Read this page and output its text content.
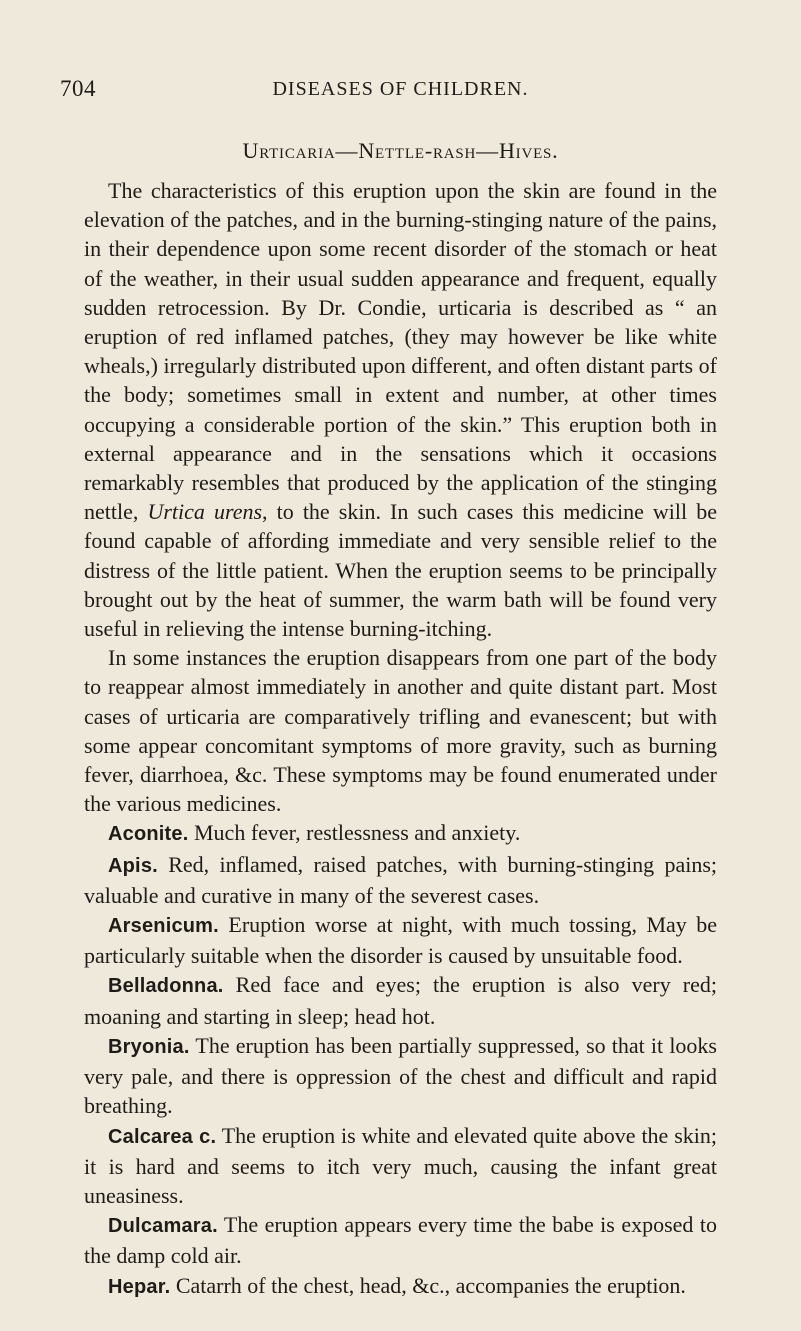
704	DISEASES OF CHILDREN.
Urticaria—Nettle-rash—Hives.

The characteristics of this eruption upon the skin are found in the elevation of the patches, and in the burning-stinging nature of the pains, in their dependence upon some recent disorder of the stomach or heat of the weather, in their usual sudden appearance and frequent, equally sudden retrocession. By Dr. Condie, urticaria is described as “ an eruption of red inflamed patches, (they may however be like white wheals,) irregularly distributed upon different, and often distant parts of the body; sometimes small in extent and number, at other times occupying a considerable portion of the skin.” This eruption both in external appearance and in the sensations which it occasions remarkably resembles that produced by the application of the stinging nettle, Urtica urens, to the skin. In such cases this medicine will be found capable of affording immediate and very sensible relief to the distress of the little patient. When the eruption seems to be principally brought out by the heat of summer, the warm bath will be found very useful in relieving the intense burning-itching.

In some instances the eruption disappears from one part of the body to reappear almost immediately in another and quite distant part. Most cases of urticaria are comparatively trifling and evanescent; but with some appear concomitant symptoms of more gravity, such as burning fever, diarrhoea, &c. These symptoms may be found enumerated under the various medicines.

Aconite. Much fever, restlessness and anxiety.

Apis. Red, inflamed, raised patches, with burning-stinging pains; valuable and curative in many of the severest cases.

Arsenicum. Eruption worse at night, with much tossing, May be particularly suitable when the disorder is caused by unsuitable food.

Belladonna. Red face and eyes; the eruption is also very red; moaning and starting in sleep; head hot.

Bryonia. The eruption has been partially suppressed, so that it looks very pale, and there is oppression of the chest and difficult and rapid breathing.

Calcarea c. The eruption is white and elevated quite above the skin; it is hard and seems to itch very much, causing the infant great uneasiness.

Dulcamara. The eruption appears every time the babe is exposed to the damp cold air.

Hepar. Catarrh of the chest, head, &c., accompanies the eruption.
